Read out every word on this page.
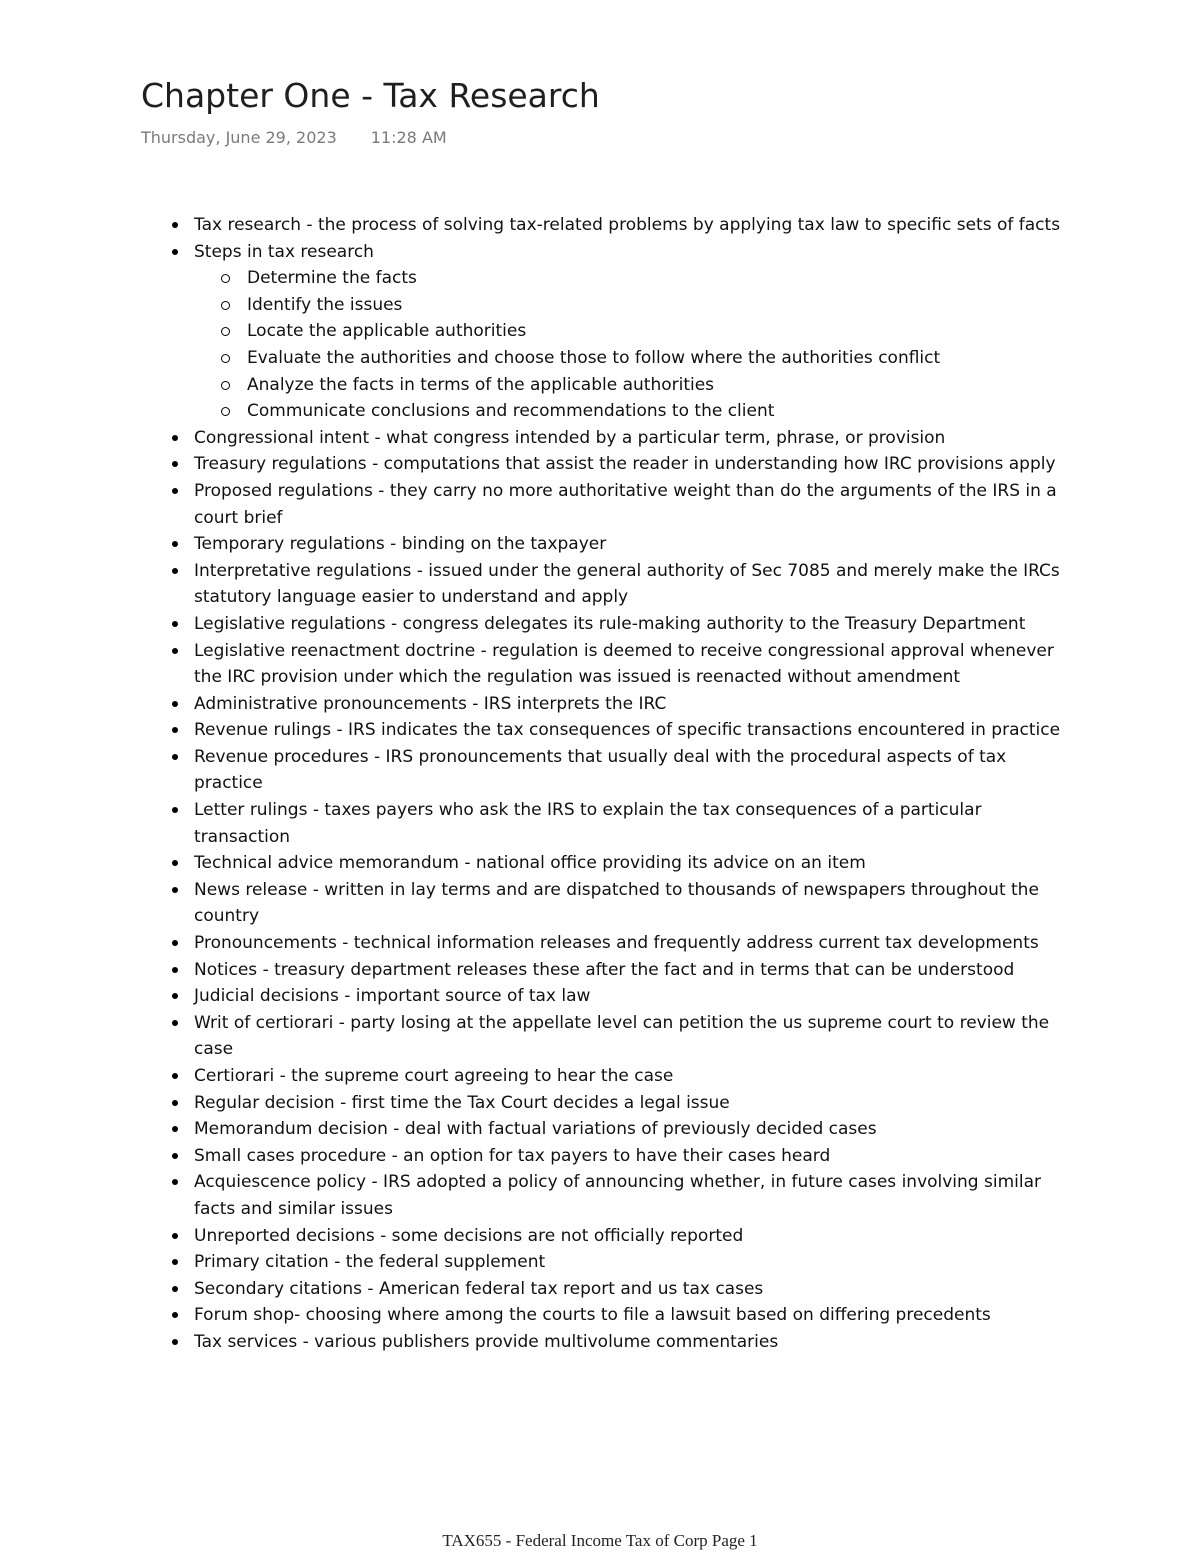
Chapter One - Tax Research
Thursday, June 29, 2023 11:28 AM
Tax research - the process of solving tax-related problems by applying tax law to specific sets of facts
Steps in tax research
Determine the facts
Identify the issues
Locate the applicable authorities
Evaluate the authorities and choose those to follow where the authorities conflict
Analyze the facts in terms of the applicable authorities
Communicate conclusions and recommendations to the client
Congressional intent - what congress intended by a particular term, phrase, or provision
Treasury regulations - computations that assist the reader in understanding how IRC provisions apply
Proposed regulations - they carry no more authoritative weight than do the arguments of the IRS in a court brief
Temporary regulations - binding on the taxpayer
Interpretative regulations - issued under the general authority of Sec 7085 and merely make the IRCs statutory language easier to understand and apply
Legislative regulations - congress delegates its rule-making authority to the Treasury Department
Legislative reenactment doctrine - regulation is deemed to receive congressional approval whenever the IRC provision under which the regulation was issued is reenacted without amendment
Administrative pronouncements - IRS interprets the IRC
Revenue rulings - IRS indicates the tax consequences of specific transactions encountered in practice
Revenue procedures - IRS pronouncements that usually deal with the procedural aspects of tax practice
Letter rulings - taxes payers who ask the IRS to explain the tax consequences of a particular transaction
Technical advice memorandum - national office providing its advice on an item
News release - written in lay terms and are dispatched to thousands of newspapers throughout the country
Pronouncements - technical information releases and frequently address current tax developments
Notices - treasury department releases these after the fact and in terms that can be understood
Judicial decisions - important source of tax law
Writ of certiorari - party losing at the appellate level can petition the us supreme court to review the case
Certiorari - the supreme court agreeing to hear the case
Regular decision - first time the Tax Court decides a legal issue
Memorandum decision - deal with factual variations of previously decided cases
Small cases procedure - an option for tax payers to have their cases heard
Acquiescence policy - IRS adopted a policy of announcing whether, in future cases involving similar facts and similar issues
Unreported decisions - some decisions are not officially reported
Primary citation - the federal supplement
Secondary citations - American federal tax report and us tax cases
Forum shop- choosing where among the courts to file a lawsuit based on differing precedents
Tax services - various publishers provide multivolume commentaries
TAX655 - Federal Income Tax of Corp Page 1
